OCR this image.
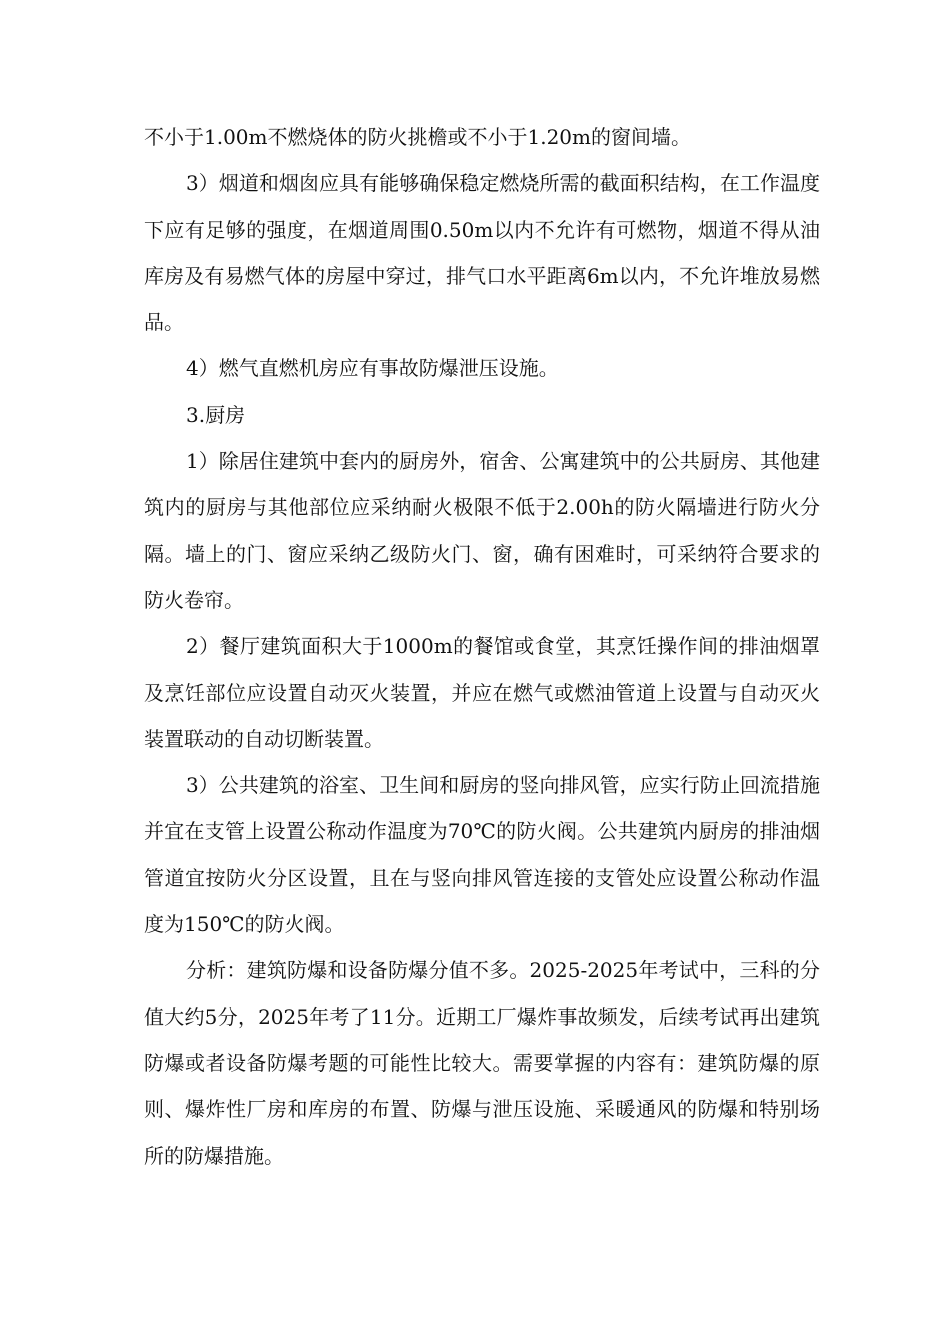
不小于1.00m不燃烧体的防火挑檐或不小于1.20m的窗间墙。

3）烟道和烟囱应具有能够确保稳定燃烧所需的截面积结构，在工作温度下应有足够的强度，在烟道周围0.50m以内不允许有可燃物，烟道不得从油库房及有易燃气体的房屋中穿过，排气口水平距离6m以内，不允许堆放易燃品。

4）燃气直燃机房应有事故防爆泄压设施。

3.厨房

1）除居住建筑中套内的厨房外，宿舍、公寓建筑中的公共厨房、其他建筑内的厨房与其他部位应采纳耐火极限不低于2.00h的防火隔墙进行防火分隔。墙上的门、窗应采纳乙级防火门、窗，确有困难时，可采纳符合要求的防火卷帘。

2）餐厅建筑面积大于1000m的餐馆或食堂，其烹饪操作间的排油烟罩及烹饪部位应设置自动灭火装置，并应在燃气或燃油管道上设置与自动灭火装置联动的自动切断装置。

3）公共建筑的浴室、卫生间和厨房的竖向排风管，应实行防止回流措施并宜在支管上设置公称动作温度为70℃的防火阀。公共建筑内厨房的排油烟管道宜按防火分区设置，且在与竖向排风管连接的支管处应设置公称动作温度为150℃的防火阀。

分析：建筑防爆和设备防爆分值不多。2025-2025年考试中，三科的分值大约5分，2025年考了11分。近期工厂爆炸事故频发，后续考试再出建筑防爆或者设备防爆考题的可能性比较大。需要掌握的内容有：建筑防爆的原则、爆炸性厂房和库房的布置、防爆与泄压设施、采暖通风的防爆和特别场所的防爆措施。
